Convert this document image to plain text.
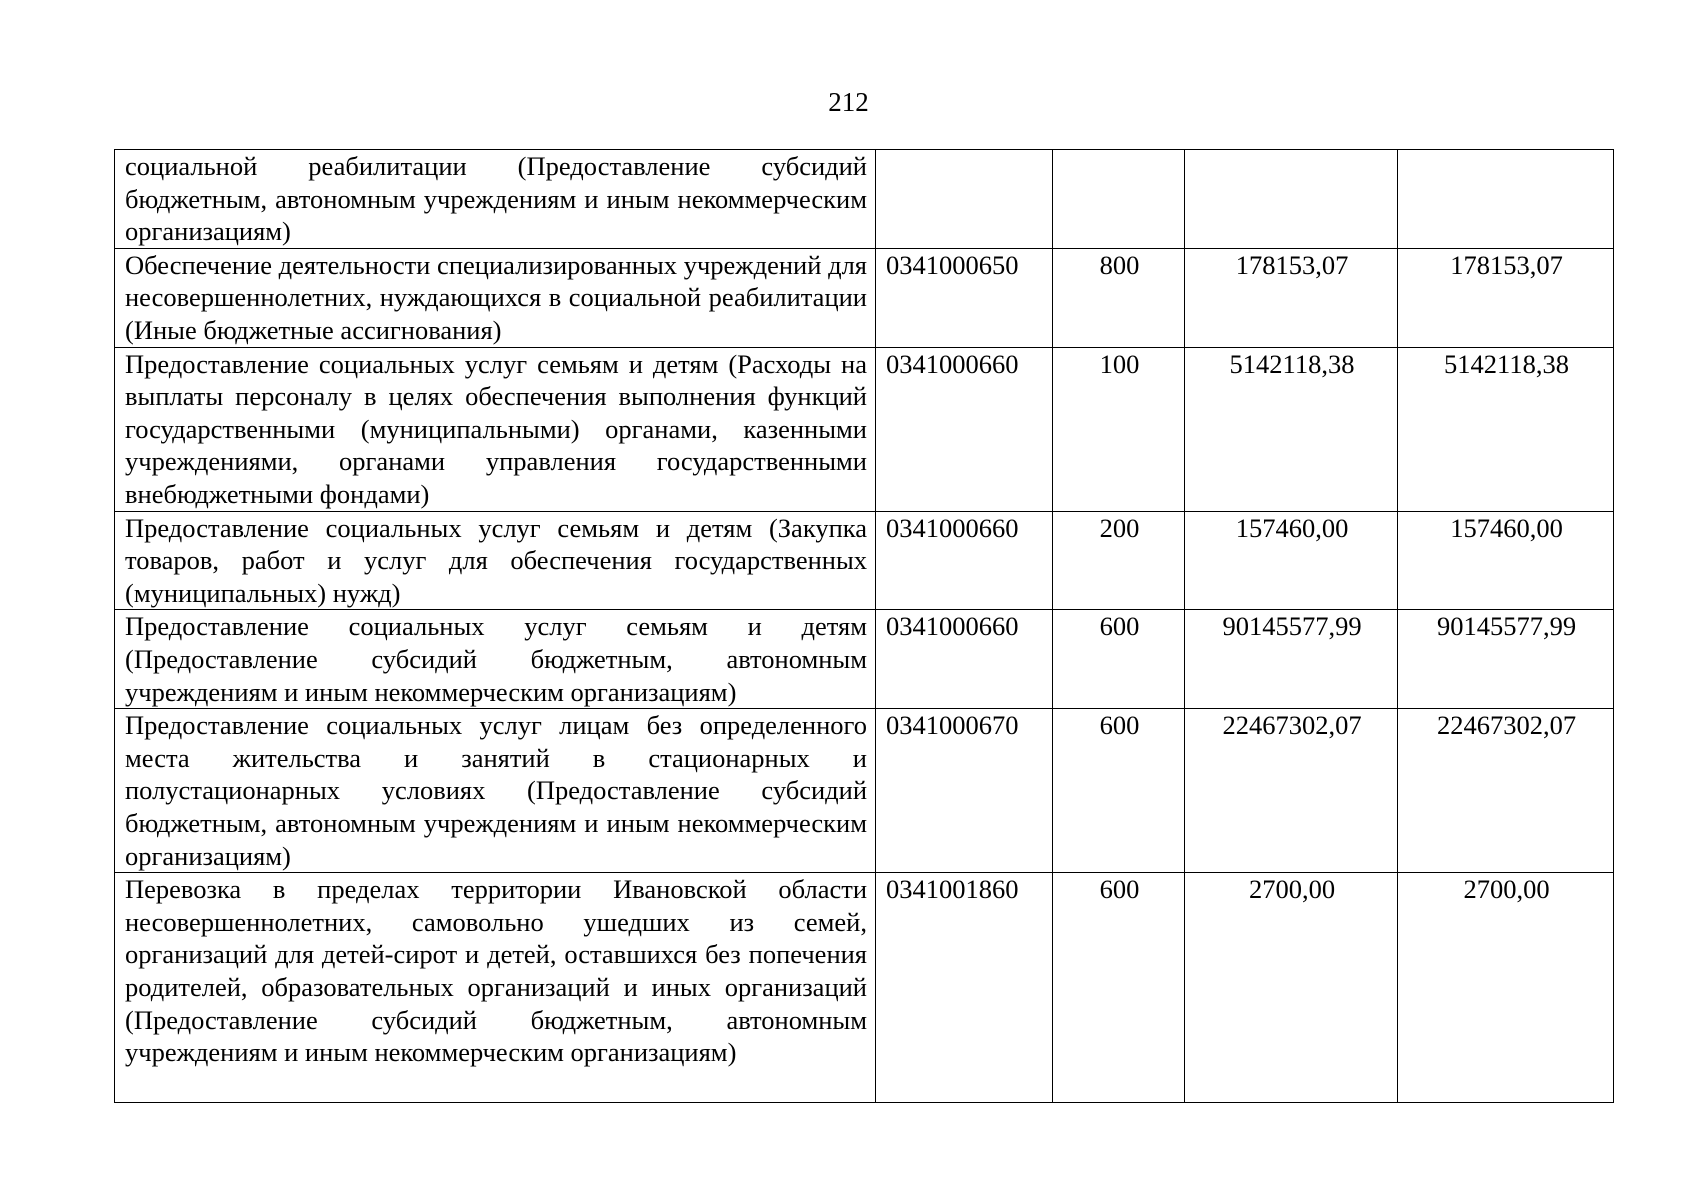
212
социальной реабилитации (Предоставление субсидий бюджетным, автономным учреждениям и иным некоммерческим организациям)				
Обеспечение деятельности специализированных учреждений для несовершеннолетних, нуждающихся в социальной реабилитации (Иные бюджетные ассигнования)	0341000650	800	178153,07	178153,07
Предоставление социальных услуг семьям и детям (Расходы на выплаты персоналу в целях обеспечения выполнения функций государственными (муниципальными) органами, казенными учреждениями, органами управления государственными внебюджетными фондами)	0341000660	100	5142118,38	5142118,38
Предоставление социальных услуг семьям и детям (Закупка товаров, работ и услуг для обеспечения государственных (муниципальных) нужд)	0341000660	200	157460,00	157460,00
Предоставление социальных услуг семьям и детям (Предоставление субсидий бюджетным, автономным учреждениям и иным некоммерческим организациям)	0341000660	600	90145577,99	90145577,99
Предоставление социальных услуг лицам без определенного места жительства и занятий в стационарных и полустационарных условиях (Предоставление субсидий бюджетным, автономным учреждениям и иным некоммерческим организациям)	0341000670	600	22467302,07	22467302,07
Перевозка в пределах территории Ивановской области несовершеннолетних, самовольно ушедших из семей, организаций для детей-сирот и детей, оставшихся без попечения родителей, образовательных организаций и иных организаций (Предоставление субсидий бюджетным, автономным учреждениям и иным некоммерческим организациям)	0341001860	600	2700,00	2700,00
